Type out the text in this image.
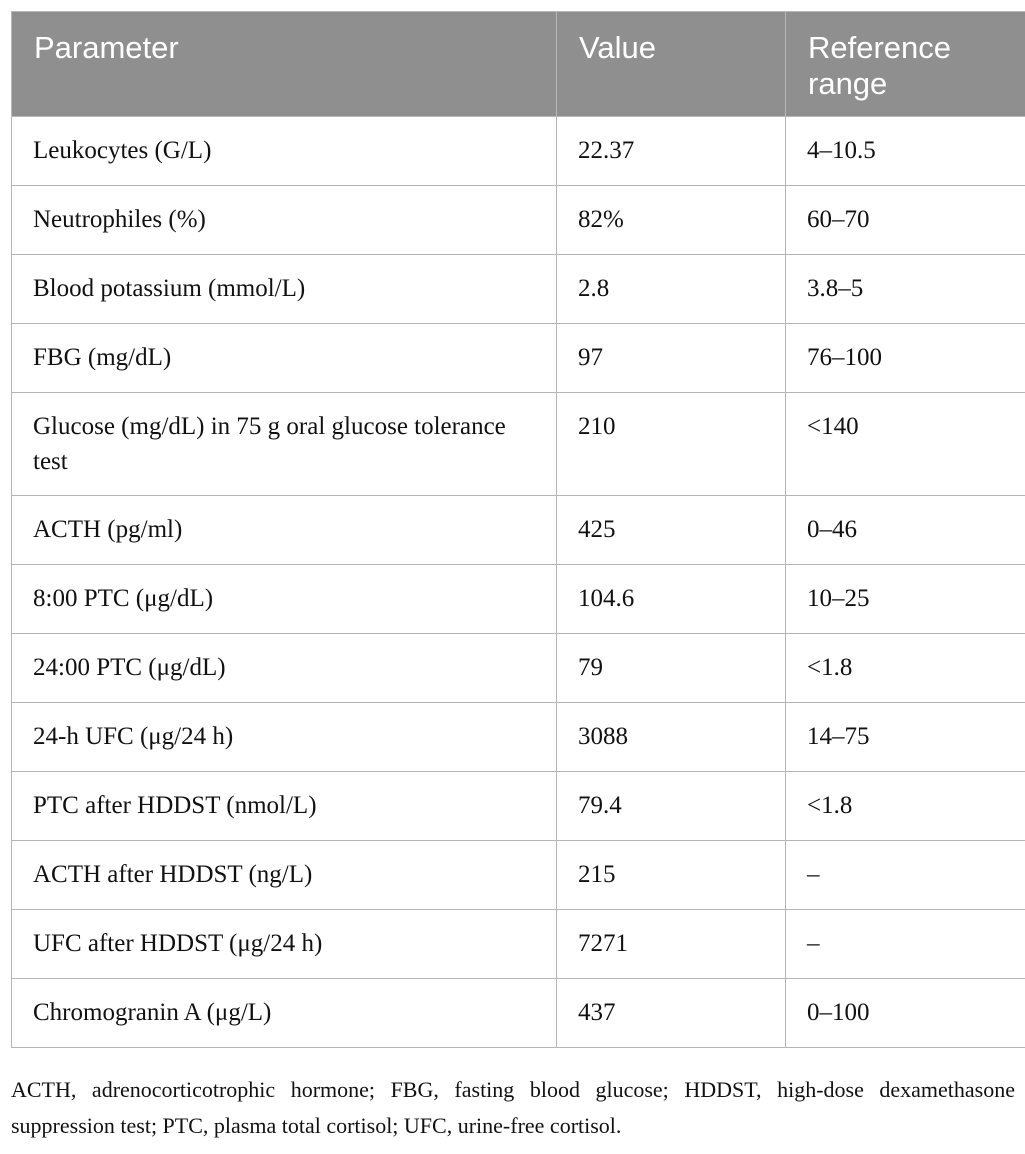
Parameter	Value	Reference range
Leukocytes (G/L)	22.37	4–10.5
Neutrophiles (%)	82%	60–70
Blood potassium (mmol/L)	2.8	3.8–5
FBG (mg/dL)	97	76–100
Glucose (mg/dL) in 75 g oral glucose tolerance test	210	<140
ACTH (pg/ml)	425	0–46
8:00 PTC (μg/dL)	104.6	10–25
24:00 PTC (μg/dL)	79	<1.8
24-h UFC (μg/24 h)	3088	14–75
PTC after HDDST (nmol/L)	79.4	<1.8
ACTH after HDDST (ng/L)	215	–
UFC after HDDST (μg/24 h)	7271	–
Chromogranin A (μg/L)	437	0–100
ACTH, adrenocorticotrophic hormone; FBG, fasting blood glucose; HDDST, high-dose dexamethasone suppression test; PTC, plasma total cortisol; UFC, urine-free cortisol.
